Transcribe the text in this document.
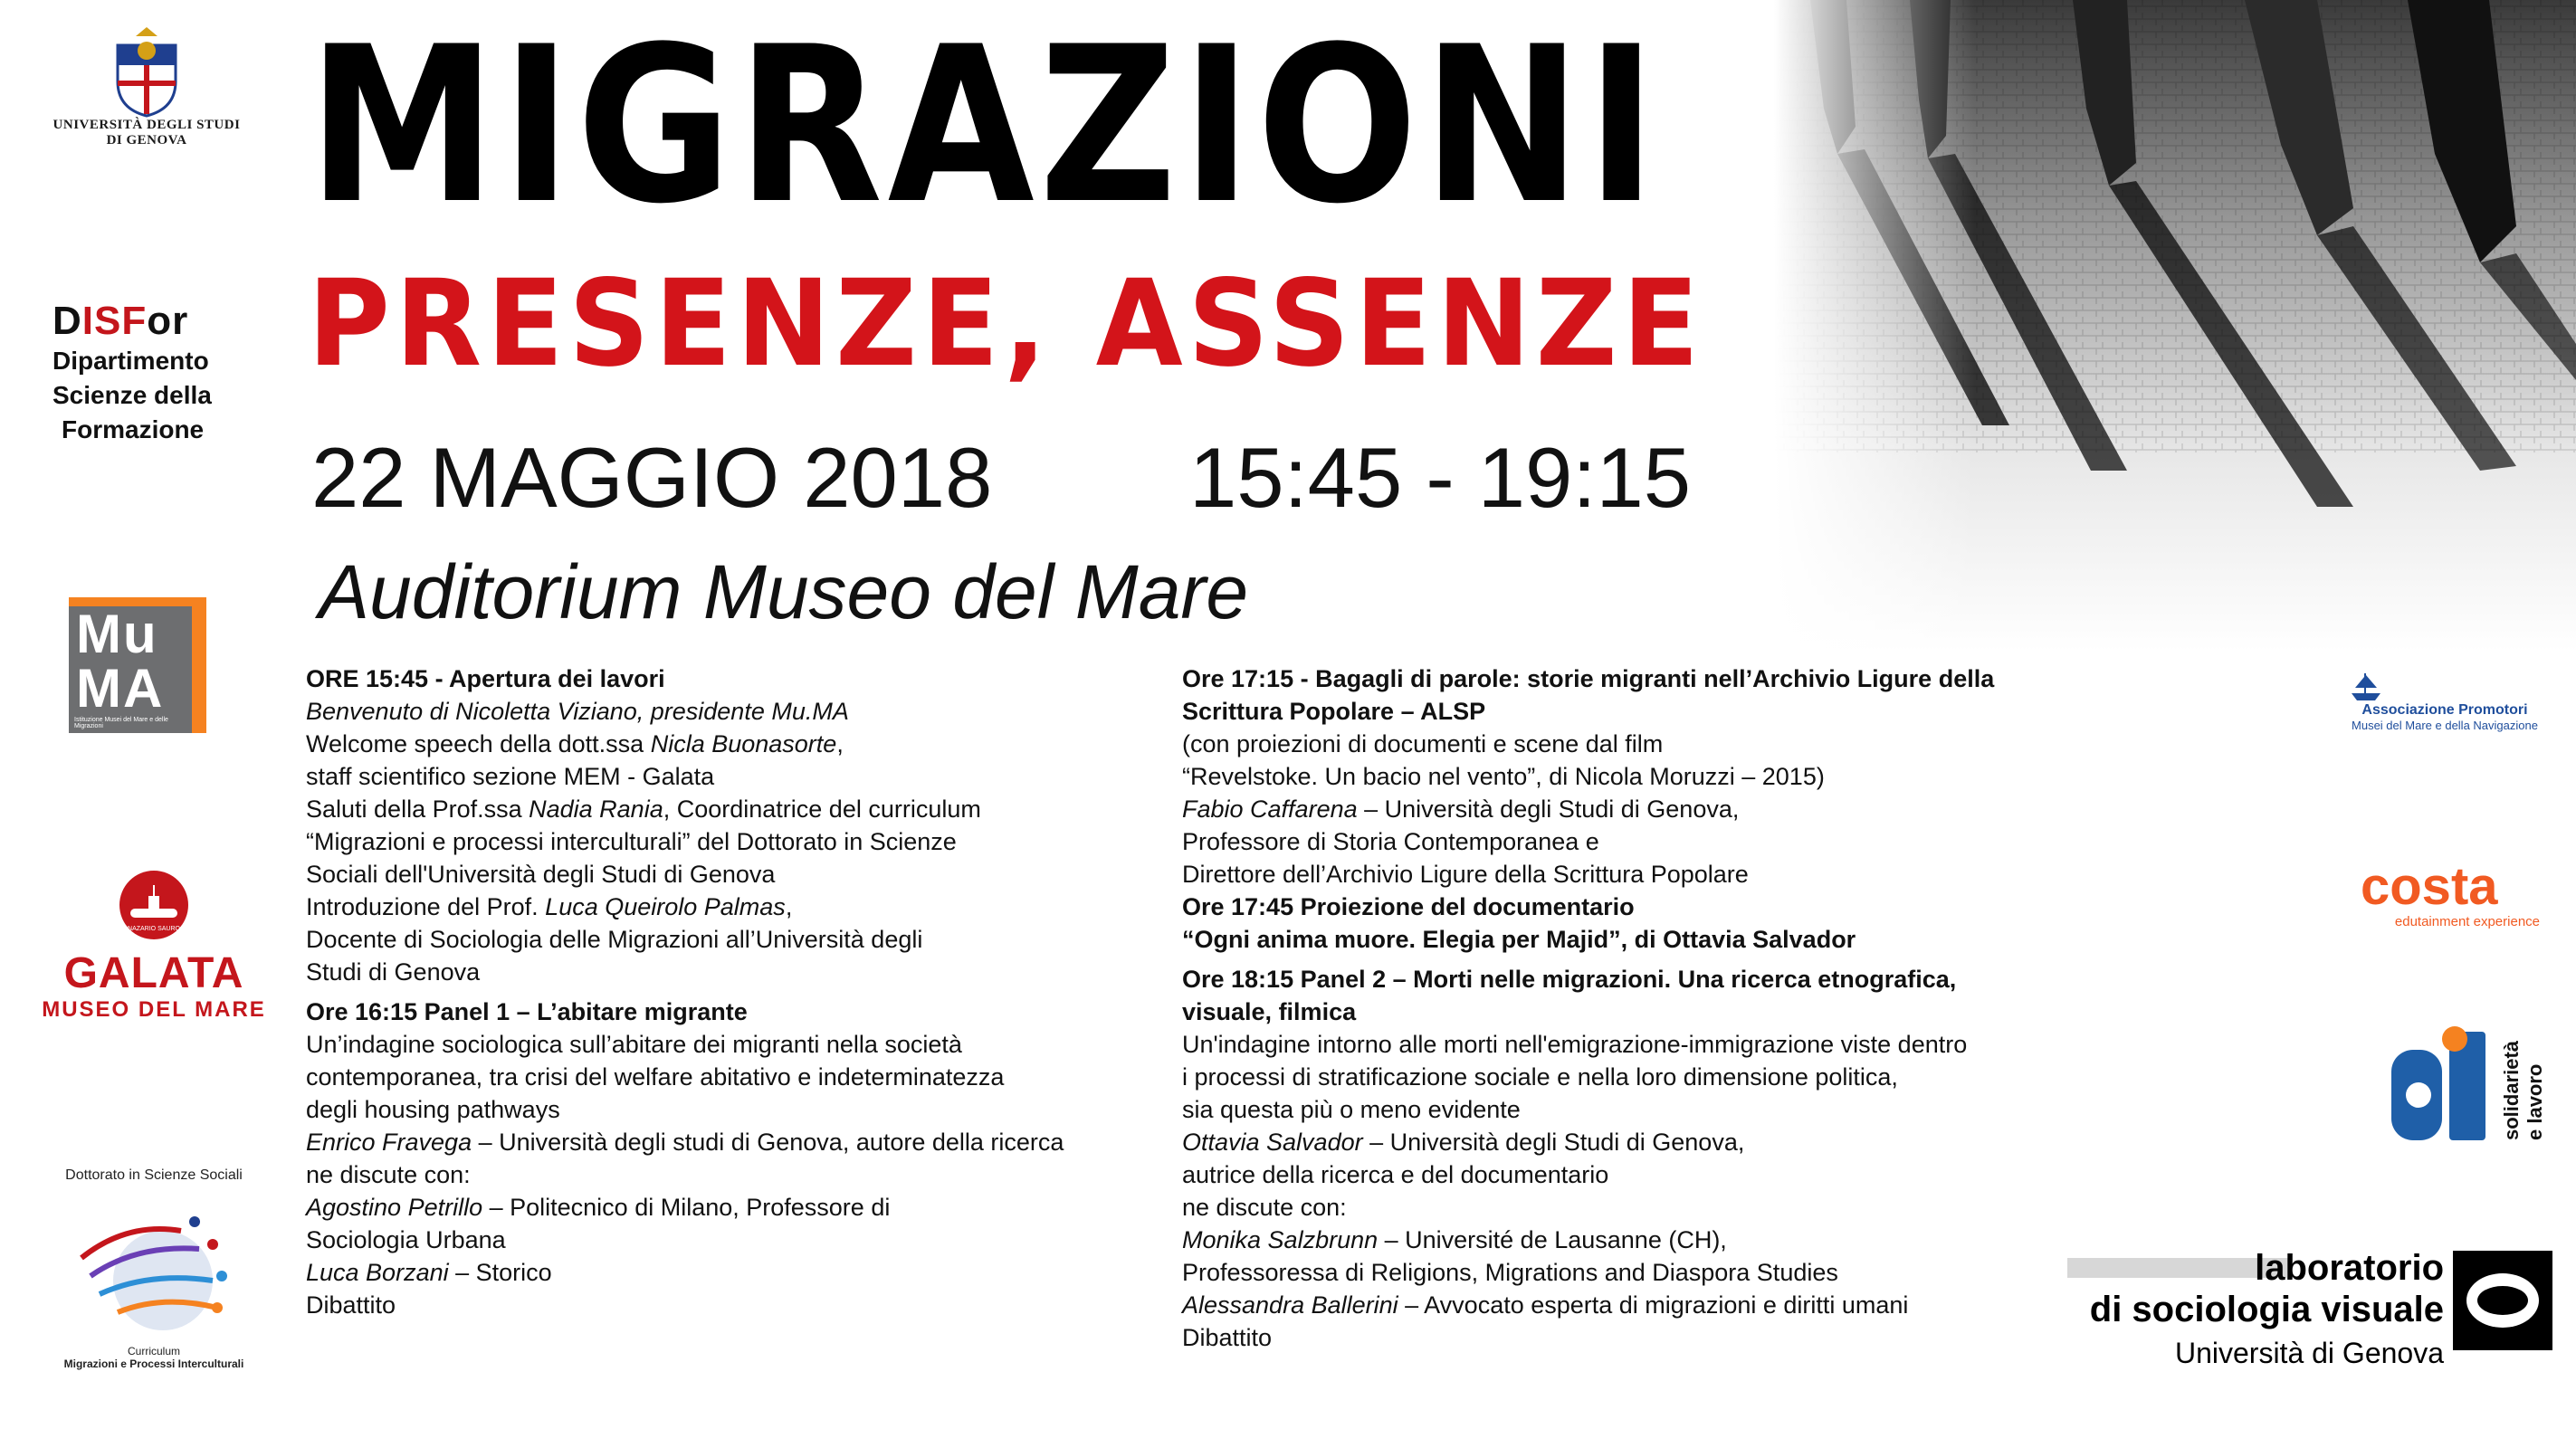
UNIVERSITÀ DEGLI STUDI
DI GENOVA
DISFor
Dipartimento
Scienze della
Formazione
Mu
MA
Istituzione Musei del Mare e delle Migrazioni
NAZARIO SAURO
GALATA
MUSEO DEL MARE
Dottorato in Scienze Sociali
Curriculum
Migrazioni e Processi Interculturali
MIGRAZIONI
PRESENZE, ASSENZE
22 MAGGIO 2018 15:45 - 19:15
Auditorium Museo del Mare

ORE 15:45 - Apertura dei lavori

Benvenuto di Nicoletta Viziano, presidente Mu.MA

Welcome speech della dott.ssa Nicla Buonasorte,

staff scientifico sezione MEM - Galata

Saluti della Prof.ssa Nadia Rania, Coordinatrice del curriculum

“Migrazioni e processi interculturali” del Dottorato in Scienze

Sociali dell'Università degli Studi di Genova

Introduzione del Prof. Luca Queirolo Palmas,

Docente di Sociologia delle Migrazioni all’Università degli

Studi di Genova

Ore 16:15 Panel 1 – L’abitare migrante

Un’indagine sociologica sull’abitare dei migranti nella società

contemporanea, tra crisi del welfare abitativo e indeterminatezza

degli housing pathways

Enrico Fravega – Università degli studi di Genova, autore della ricerca

ne discute con:

Agostino Petrillo – Politecnico di Milano, Professore di

Sociologia Urbana

Luca Borzani – Storico

Dibattito

Ore 17:15 - Bagagli di parole: storie migranti nell’Archivio Ligure della

Scrittura Popolare – ALSP

(con proiezioni di documenti e scene dal film

“Revelstoke. Un bacio nel vento”, di Nicola Moruzzi – 2015)

Fabio Caffarena – Università degli Studi di Genova,

Professore di Storia Contemporanea e

Direttore dell’Archivio Ligure della Scrittura Popolare

Ore 17:45 Proiezione del documentario

“Ogni anima muore. Elegia per Majid”, di Ottavia Salvador

Ore 18:15 Panel 2 – Morti nelle migrazioni. Una ricerca etnografica,

visuale, filmica

Un'indagine intorno alle morti nell'emigrazione-immigrazione viste dentro

i processi di stratificazione sociale e nella loro dimensione politica,

sia questa più o meno evidente

Ottavia Salvador – Università degli Studi di Genova,

autrice della ricerca e del documentario

ne discute con:

Monika Salzbrunn – Université de Lausanne (CH),

Professoressa di Religions, Migrations and Diaspora Studies

Alessandra Ballerini – Avvocato esperta di migrazioni e diritti umani

Dibattito

Associazione Promotori
Musei del Mare e della Navigazione
costa
edutainment experience
solidarietà e lavoro
laboratorio
di sociologia visuale
Università di Genova
